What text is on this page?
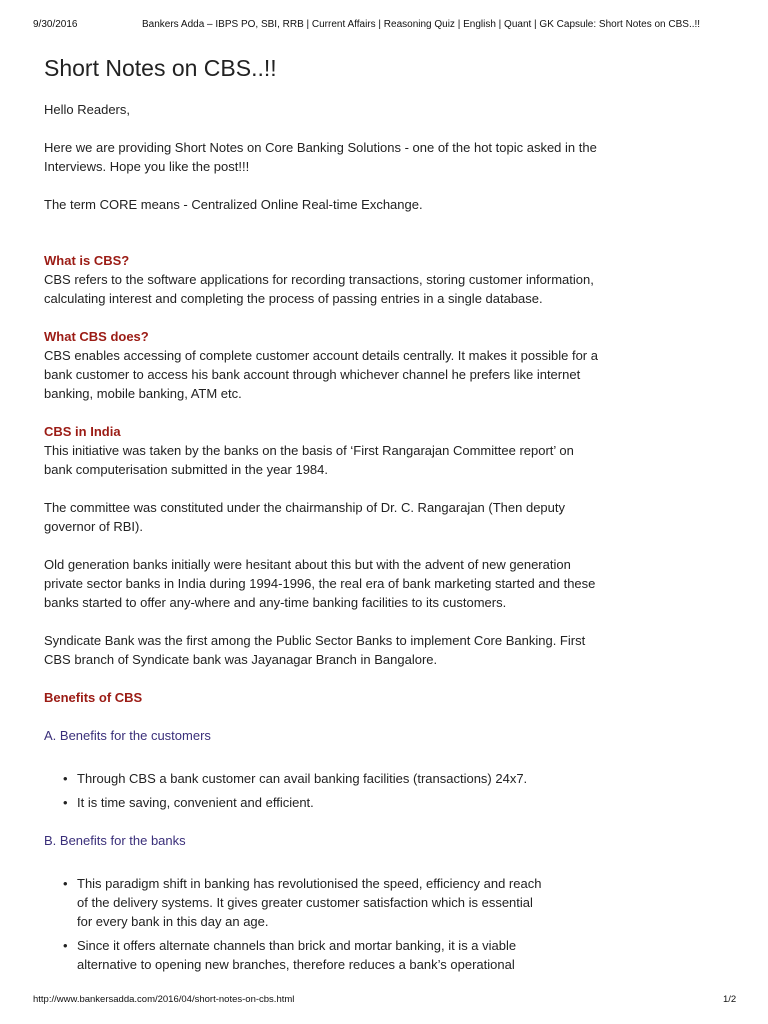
9/30/2016	Bankers Adda – IBPS PO, SBI, RRB | Current Affairs | Reasoning Quiz | English | Quant | GK Capsule: Short Notes on CBS..!!
Short Notes on CBS..!!

Hello Readers,

Here we are providing Short Notes on Core Banking Solutions - one of the hot topic asked in the Interviews. Hope you like the post!!!

The term CORE means - Centralized Online Real-time Exchange.

What is CBS?

CBS refers to the software applications for recording transactions, storing customer information, calculating interest and completing the process of passing entries in a single database.

What CBS does?

CBS enables accessing of complete customer account details centrally. It makes it possible for a bank customer to access his bank account through whichever channel he prefers like internet banking, mobile banking, ATM etc.

CBS in India

This initiative was taken by the banks on the basis of ‘First Rangarajan Committee report’ on bank computerisation submitted in the year 1984.

The committee was constituted under the chairmanship of Dr. C. Rangarajan (Then deputy governor of RBI).

Old generation banks initially were hesitant about this but with the advent of new generation private sector banks in India during 1994-1996, the real era of bank marketing started and these banks started to offer any-where and any-time banking facilities to its customers.

Syndicate Bank was the first among the Public Sector Banks to implement Core Banking. First CBS branch of Syndicate bank was Jayanagar Branch in Bangalore.

Benefits of CBS

A. Benefits for the customers

• Through CBS a bank customer can avail banking facilities (transactions) 24x7.
• It is time saving, convenient and efficient.

B. Benefits for the banks

• This paradigm shift in banking has revolutionised the speed, efficiency and reach of the delivery systems. It gives greater customer satisfaction which is essential for every bank in this day an age.
• Since it offers alternate channels than brick and mortar banking, it is a viable alternative to opening new branches, therefore reduces a bank’s operational
http://www.bankersadda.com/2016/04/short-notes-on-cbs.html	1/2
